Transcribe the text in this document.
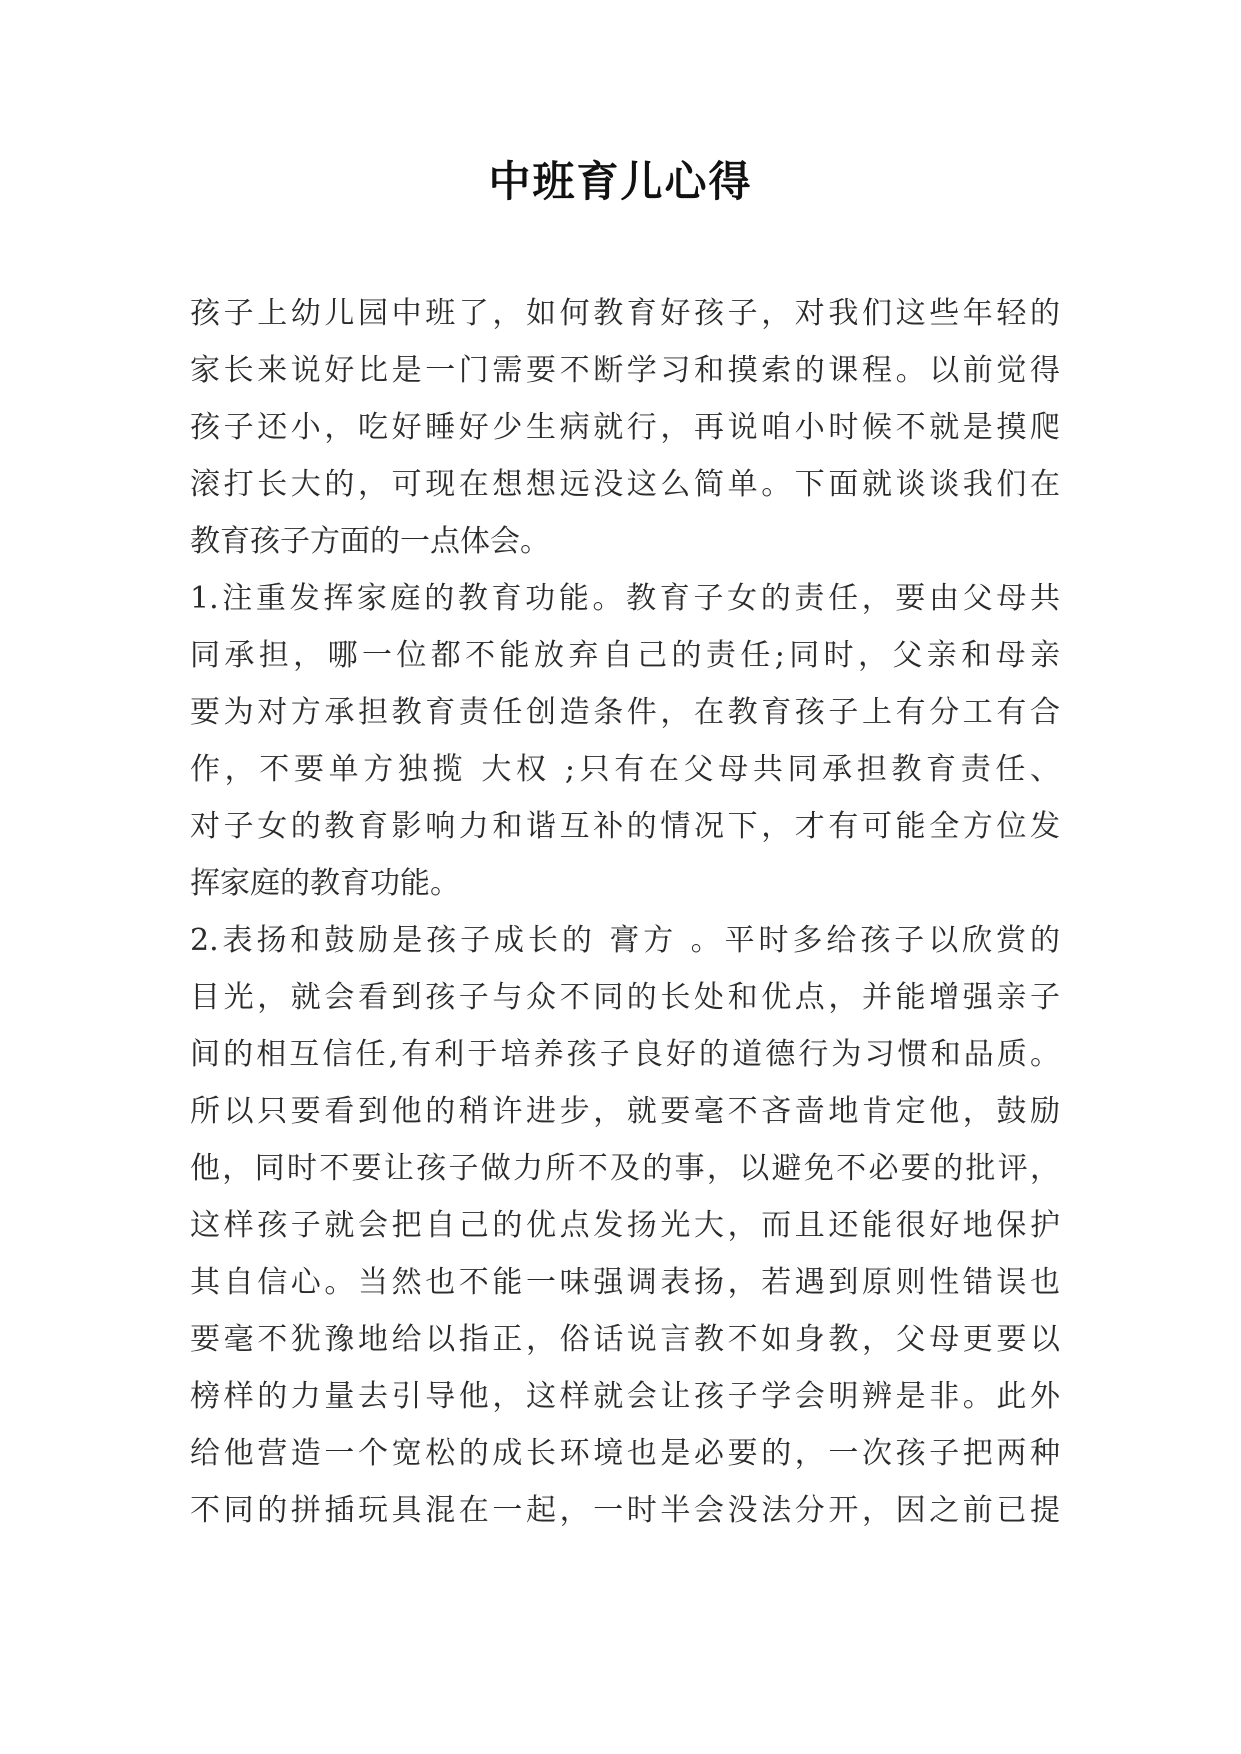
中班育儿心得
孩子上幼儿园中班了，如何教育好孩子，对我们这些年轻的
家长来说好比是一门需要不断学习和摸索的课程。以前觉得
孩子还小，吃好睡好少生病就行，再说咱小时候不就是摸爬
滚打长大的，可现在想想远没这么简单。下面就谈谈我们在
教育孩子方面的一点体会。
1.注重发挥家庭的教育功能。教育子女的责任，要由父母共
同承担，哪一位都不能放弃自己的责任;同时，父亲和母亲
要为对方承担教育责任创造条件，在教育孩子上有分工有合
作，不要单方独揽 大权 ;只有在父母共同承担教育责任、
对子女的教育影响力和谐互补的情况下，才有可能全方位发
挥家庭的教育功能。
2.表扬和鼓励是孩子成长的 膏方 。平时多给孩子以欣赏的
目光，就会看到孩子与众不同的长处和优点，并能增强亲子
间的相互信任,有利于培养孩子良好的道德行为习惯和品质。
所以只要看到他的稍许进步，就要毫不吝啬地肯定他，鼓励
他，同时不要让孩子做力所不及的事，以避免不必要的批评，
这样孩子就会把自己的优点发扬光大，而且还能很好地保护
其自信心。当然也不能一味强调表扬，若遇到原则性错误也
要毫不犹豫地给以指正，俗话说言教不如身教，父母更要以
榜样的力量去引导他，这样就会让孩子学会明辨是非。此外
给他营造一个宽松的成长环境也是必要的，一次孩子把两种
不同的拼插玩具混在一起，一时半会没法分开，因之前已提
